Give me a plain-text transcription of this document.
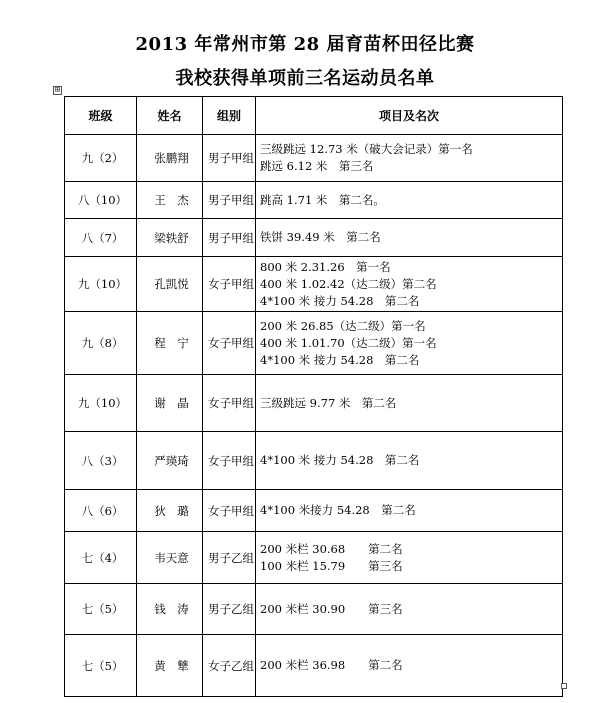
2013 年常州市第 28 届育苗杯田径比赛
我校获得单项前三名运动员名单
⊞
班级	姓名	组别	项目及名次
九（2）	张鹏翔	男子甲组	三级跳远 12.73 米（破大会记录）第一名
跳远 6.12 米　第三名

八（10）	王　杰	男子甲组	跳高 1.71 米　第二名。

八（7）	梁轶舒	男子甲组	铁饼 39.49 米　第二名

九（10）	孔凯悦	女子甲组	800 米 2.31.26　第一名
400 米 1.02.42（达二级）第二名
4*100 米 接力 54.28　第二名

九（8）	程　宁	女子甲组	200 米 26.85（达二级）第一名
400 米 1.01.70（达二级）第一名
4*100 米 接力 54.28　第二名

九（10）	谢　晶	女子甲组	三级跳远 9.77 米　第二名

八（3）	严瑛琦	女子甲组	4*100 米 接力 54.28　第二名

八（6）	狄　璐	女子甲组	4*100 米接力 54.28　第二名

七（4）	韦天意	男子乙组	200 米栏 30.68　　第二名
100 米栏 15.79　　第三名

七（5）	钱　涛	男子乙组	200 米栏 30.90　　第三名

七（5）	黄　犨	女子乙组	200 米栏 36.98　　第二名
